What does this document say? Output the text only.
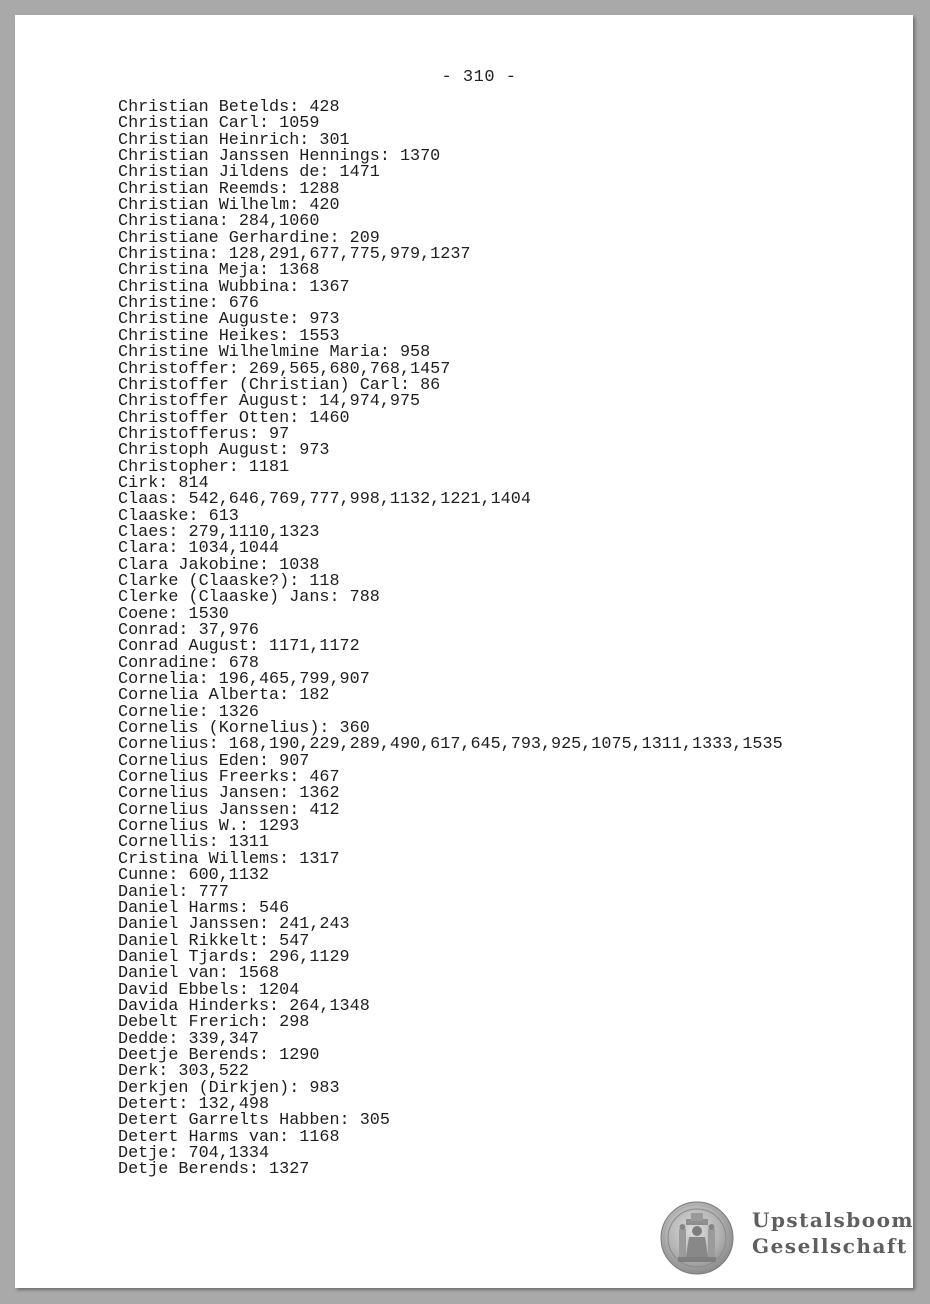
- 310 -
Christian Betelds: 428
Christian Carl: 1059
Christian Heinrich: 301
Christian Janssen Hennings: 1370
Christian Jildens de: 1471
Christian Reemds: 1288
Christian Wilhelm: 420
Christiana: 284,1060
Christiane Gerhardine: 209
Christina: 128,291,677,775,979,1237
Christina Meja: 1368
Christina Wubbina: 1367
Christine: 676
Christine Auguste: 973
Christine Heikes: 1553
Christine Wilhelmine Maria: 958
Christoffer: 269,565,680,768,1457
Christoffer (Christian) Carl: 86
Christoffer August: 14,974,975
Christoffer Otten: 1460
Christofferus: 97
Christoph August: 973
Christopher: 1181
Cirk: 814
Claas: 542,646,769,777,998,1132,1221,1404
Claaske: 613
Claes: 279,1110,1323
Clara: 1034,1044
Clara Jakobine: 1038
Clarke (Claaske?): 118
Clerke (Claaske) Jans: 788
Coene: 1530
Conrad: 37,976
Conrad August: 1171,1172
Conradine: 678
Cornelia: 196,465,799,907
Cornelia Alberta: 182
Cornelie: 1326
Cornelis (Kornelius): 360
Cornelius: 168,190,229,289,490,617,645,793,925,1075,1311,1333,1535
Cornelius Eden: 907
Cornelius Freerks: 467
Cornelius Jansen: 1362
Cornelius Janssen: 412
Cornelius W.: 1293
Cornellis: 1311
Cristina Willems: 1317
Cunne: 600,1132
Daniel: 777
Daniel Harms: 546
Daniel Janssen: 241,243
Daniel Rikkelt: 547
Daniel Tjards: 296,1129
Daniel van: 1568
David Ebbels: 1204
Davida Hinderks: 264,1348
Debelt Frerich: 298
Dedde: 339,347
Deetje Berends: 1290
Derk: 303,522
Derkjen (Dirkjen): 983
Detert: 132,498
Detert Garrelts Habben: 305
Detert Harms van: 1168
Detje: 704,1334
Detje Berends: 1327
Upstalsboom
Gesellschaft
